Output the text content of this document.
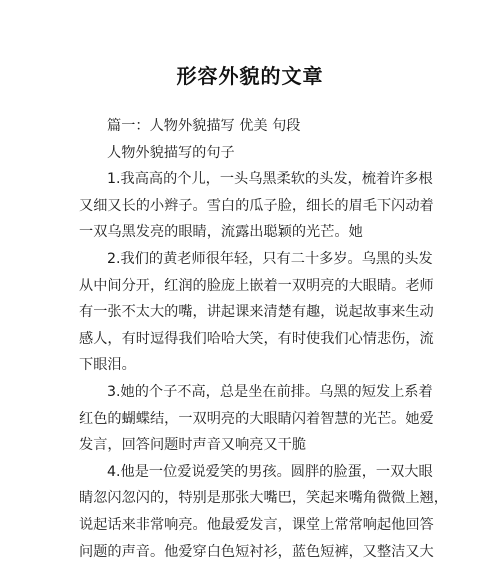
形容外貌的文章
篇一：人物外貌描写 优美 句段
人物外貌描写的句子
1.我高高的个儿，一头乌黑柔软的头发，梳着许多根
又细又长的小辫子。雪白的瓜子脸，细长的眉毛下闪动着
一双乌黑发亮的眼睛，流露出聪颖的光芒。她
2.我们的黄老师很年轻，只有二十多岁。乌黑的头发
从中间分开，红润的脸庞上嵌着一双明亮的大眼睛。老师
有一张不太大的嘴，讲起课来清楚有趣，说起故事来生动
感人，有时逗得我们哈哈大笑，有时使我们心情悲伤，流
下眼泪。
3.她的个子不高，总是坐在前排。乌黑的短发上系着
红色的蝴蝶结，一双明亮的大眼睛闪着智慧的光芒。她爱
发言，回答问题时声音又响亮又干脆
4.他是一位爱说爱笑的男孩。圆胖的脸蛋，一双大眼
睛忽闪忽闪的，特别是那张大嘴巴，笑起来嘴角微微上翘，
说起话来非常响亮。他最爱发言，课堂上常常响起他回答
问题的声音。他爱穿白色短衬衫，蓝色短裤，又整洁又大
